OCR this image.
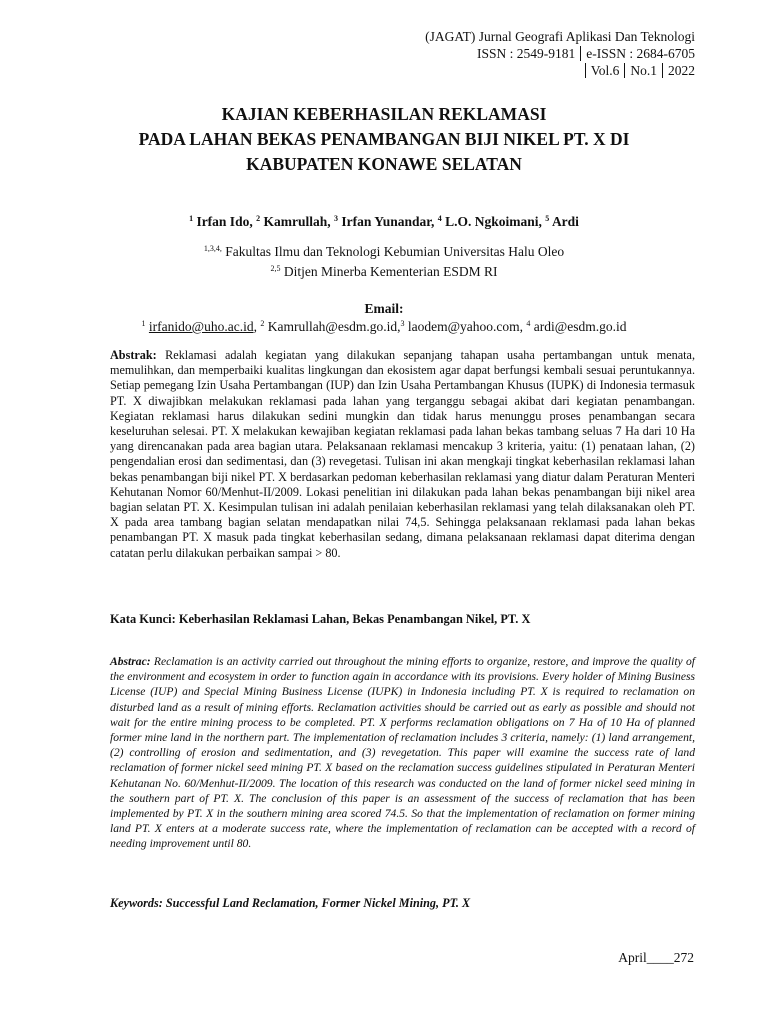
(JAGAT) Jurnal Geografi Aplikasi Dan Teknologi
ISSN : 2549-9181 e-ISSN : 2684-6705
Vol.6 No.1 2022
KAJIAN KEBERHASILAN REKLAMASI
PADA LAHAN BEKAS PENAMBANGAN BIJI NIKEL PT. X DI
KABUPATEN KONAWE SELATAN
$^1$ Irfan Ido, $^2$ Kamrullah, $^3$ Irfan Yunandar, $^4$ L.O. Ngkoimani, $^5$ Ardi
$^{1,3,4,}$ Fakultas Ilmu dan Teknologi Kebumian Universitas Halu Oleo
$^{2,5}$ Ditjen Minerba Kementerian ESDM RI
Email:
$^1$ irfanido@uho.ac.id, $^2$ Kamrullah@esdm.go.id,$^3$ laodem@yahoo.com, $^4$ ardi@esdm.go.id
Abstrak: Reklamasi adalah kegiatan yang dilakukan sepanjang tahapan usaha pertambangan untuk menata, memulihkan, dan memperbaiki kualitas lingkungan dan ekosistem agar dapat berfungsi kembali sesuai peruntukannya. Setiap pemegang Izin Usaha Pertambangan (IUP) dan Izin Usaha Pertambangan Khusus (IUPK) di Indonesia termasuk PT. X diwajibkan melakukan reklamasi pada lahan yang terganggu sebagai akibat dari kegiatan penambangan. Kegiatan reklamasi harus dilakukan sedini mungkin dan tidak harus menunggu proses penambangan secara keseluruhan selesai. PT. X melakukan kewajiban kegiatan reklamasi pada lahan bekas tambang seluas 7 Ha dari 10 Ha yang direncanakan pada area bagian utara. Pelaksanaan reklamasi mencakup 3 kriteria, yaitu: (1) penataan lahan, (2) pengendalian erosi dan sedimentasi, dan (3) revegetasi. Tulisan ini akan mengkaji tingkat keberhasilan reklamasi lahan bekas penambangan biji nikel PT. X berdasarkan pedoman keberhasilan reklamasi yang diatur dalam Peraturan Menteri Kehutanan Nomor 60/Menhut-II/2009. Lokasi penelitian ini dilakukan pada lahan bekas penambangan biji nikel area bagian selatan PT. X. Kesimpulan tulisan ini adalah penilaian keberhasilan reklamasi yang telah dilaksanakan oleh PT. X pada area tambang bagian selatan mendapatkan nilai 74,5. Sehingga pelaksanaan reklamasi pada lahan bekas penambangan PT. X masuk pada tingkat keberhasilan sedang, dimana pelaksanaan reklamasi dapat diterima dengan catatan perlu dilakukan perbaikan sampai > 80.
Kata Kunci: Keberhasilan Reklamasi Lahan, Bekas Penambangan Nikel, PT. X
Abstrac: Reclamation is an activity carried out throughout the mining efforts to organize, restore, and improve the quality of the environment and ecosystem in order to function again in accordance with its provisions. Every holder of Mining Business License (IUP) and Special Mining Business License (IUPK) in Indonesia including PT. X is required to reclamation on disturbed land as a result of mining efforts. Reclamation activities should be carried out as early as possible and should not wait for the entire mining process to be completed. PT. X performs reclamation obligations on 7 Ha of 10 Ha of planned former mine land in the northern part. The implementation of reclamation includes 3 criteria, namely: (1) land arrangement, (2) controlling of erosion and sedimentation, and (3) revegetation. This paper will examine the success rate of land reclamation of former nickel seed mining PT. X based on the reclamation success guidelines stipulated in Peraturan Menteri Kehutanan No. 60/Menhut-II/2009. The location of this research was conducted on the land of former nickel seed mining in the southern part of PT. X. The conclusion of this paper is an assessment of the success of reclamation that has been implemented by PT. X in the southern mining area scored 74.5. So that the implementation of reclamation on former mining land PT. X enters at a moderate success rate, where the implementation of reclamation can be accepted with a record of needing improvement until 80.
Keywords: Successful Land Reclamation, Former Nickel Mining, PT. X
April____272
